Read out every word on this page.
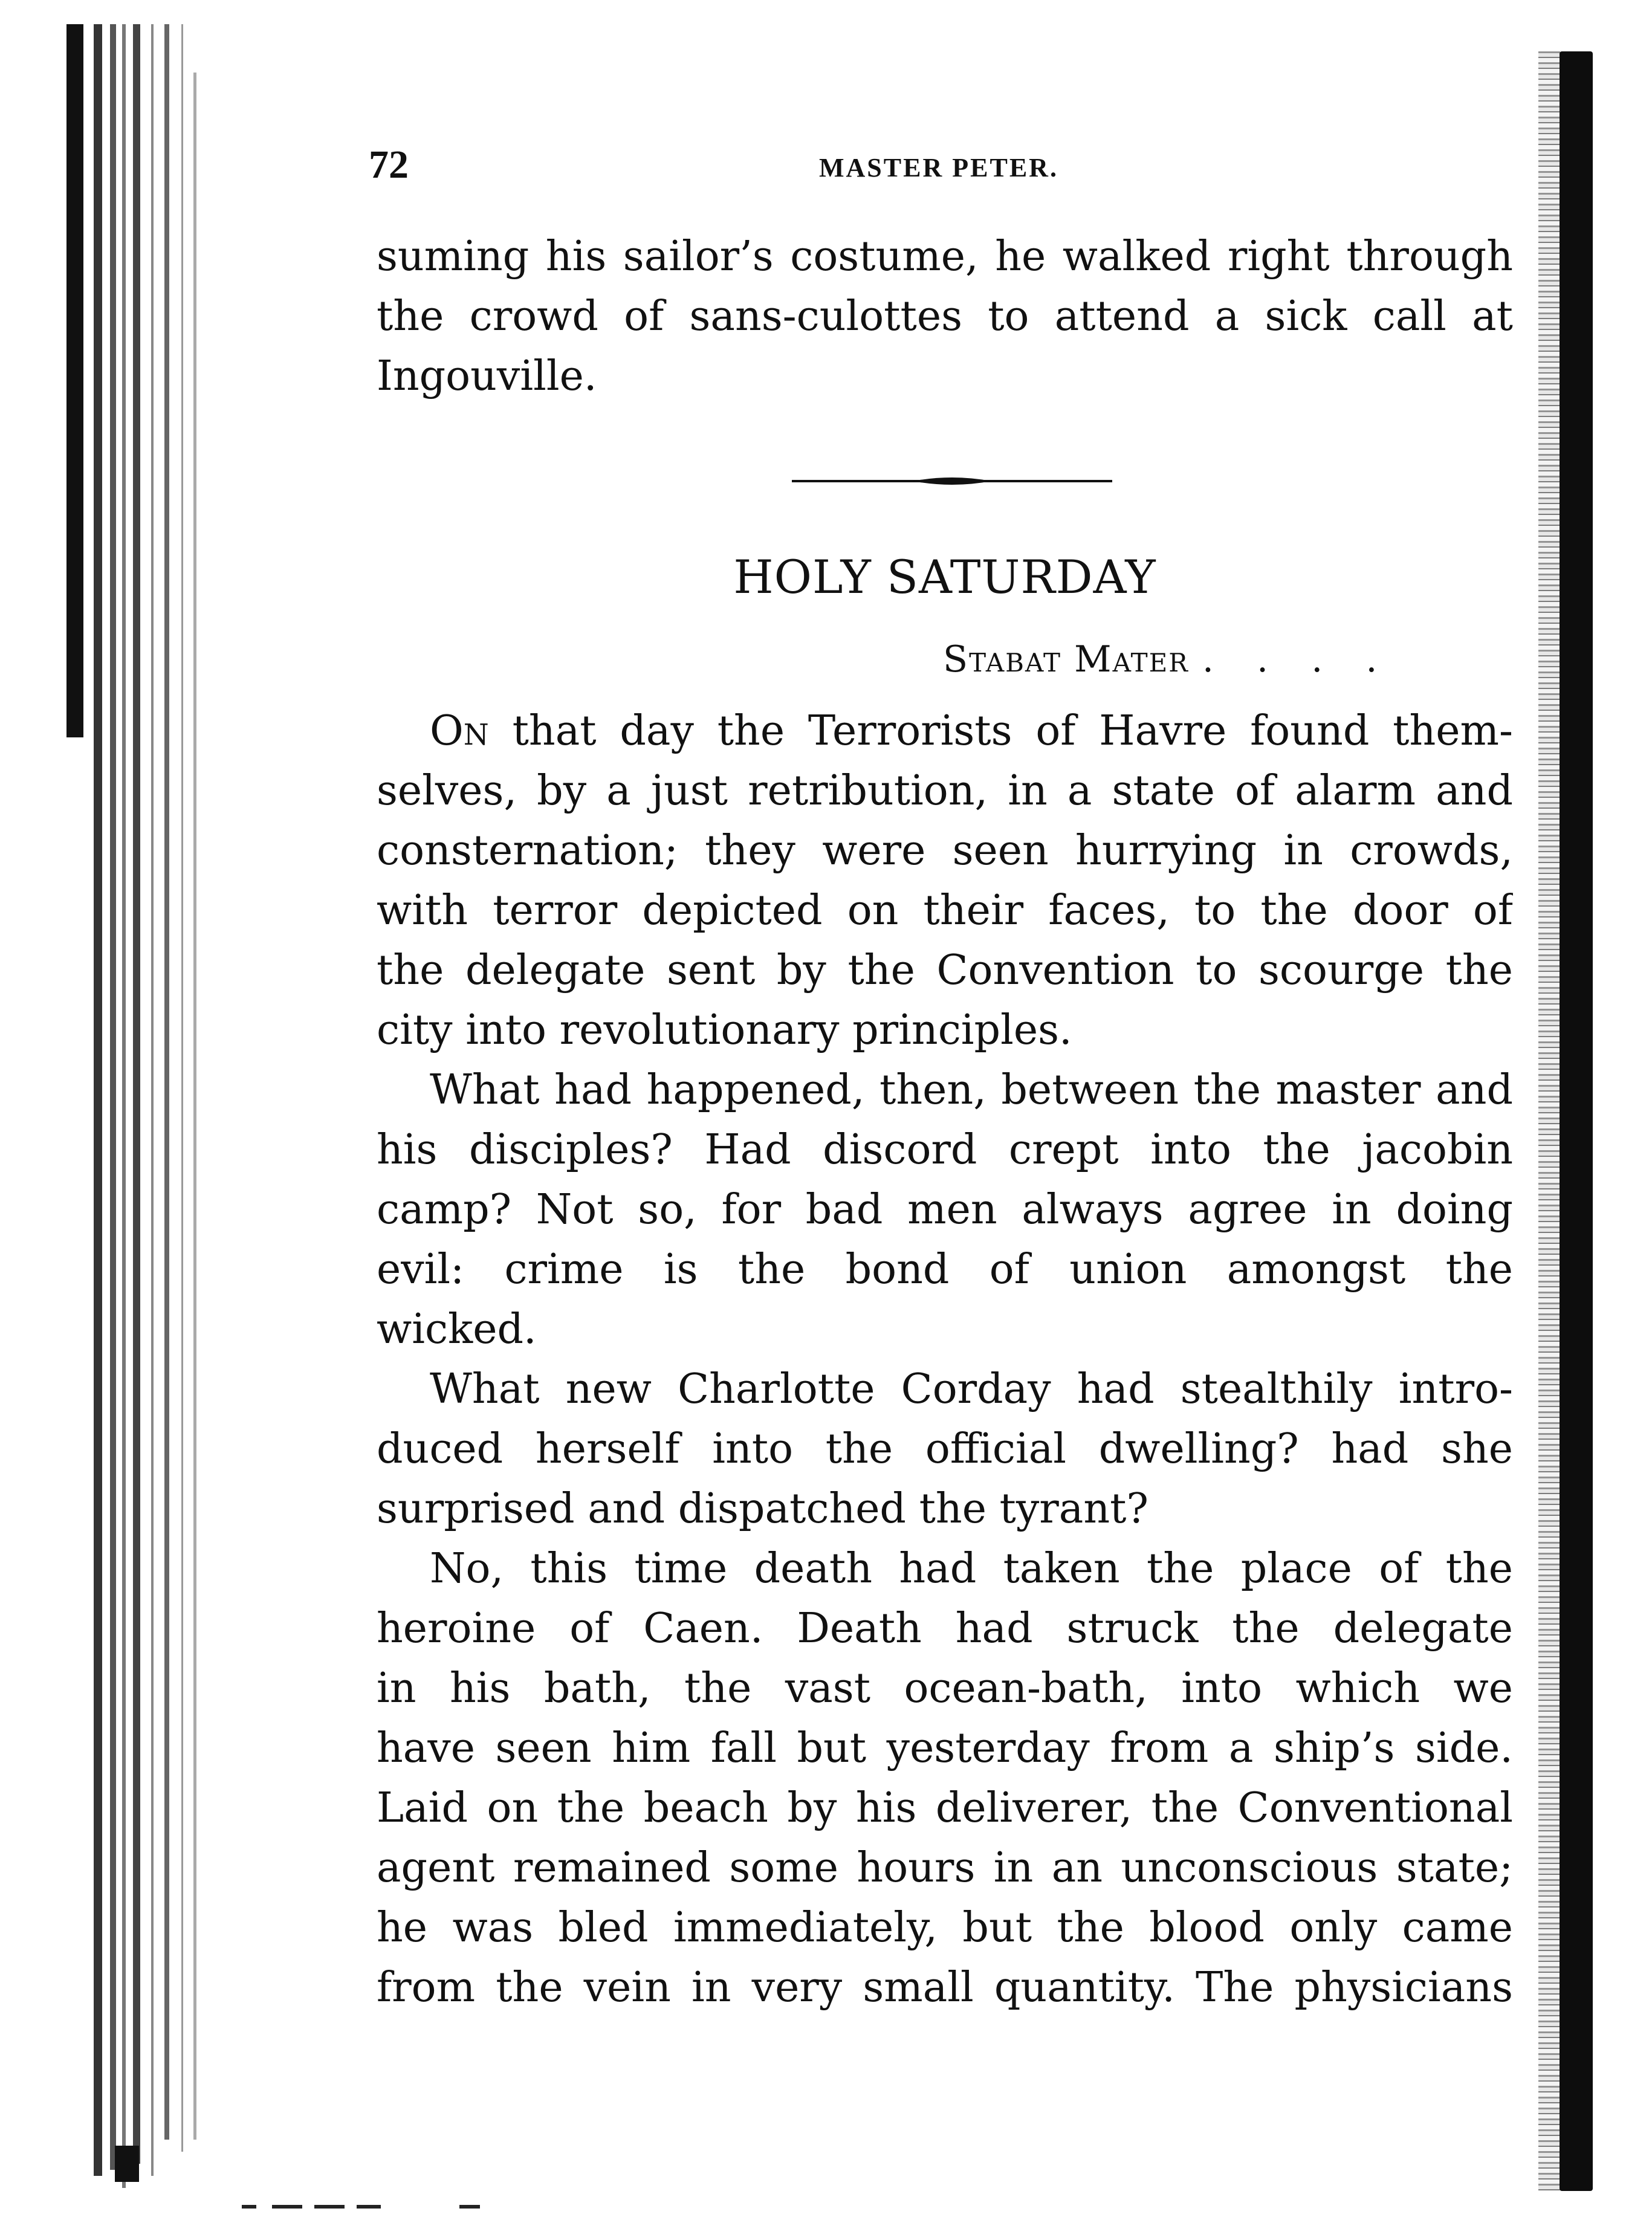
72	MASTER PETER.
suming his sailor’s costume, he walked right through
the crowd of sans-culottes to attend a sick call at
Ingouville.
HOLY SATURDAY
Stabat Mater . . . .
On that day the Terrorists of Havre found them-
selves, by a just retribution, in a state of alarm and
consternation; they were seen hurrying in crowds,
with terror depicted on their faces, to the door of
the delegate sent by the Convention to scourge the
city into revolutionary principles.
What had happened, then, between the master and
his disciples? Had discord crept into the jacobin
camp? Not so, for bad men always agree in doing
evil: crime is the bond of union amongst the
wicked.
What new Charlotte Corday had stealthily intro-
duced herself into the official dwelling? had she
surprised and dispatched the tyrant?
No, this time death had taken the place of the
heroine of Caen. Death had struck the delegate
in his bath, the vast ocean-bath, into which we
have seen him fall but yesterday from a ship’s side.
Laid on the beach by his deliverer, the Conventional
agent remained some hours in an unconscious state;
he was bled immediately, but the blood only came
from the vein in very small quantity. The physicians
